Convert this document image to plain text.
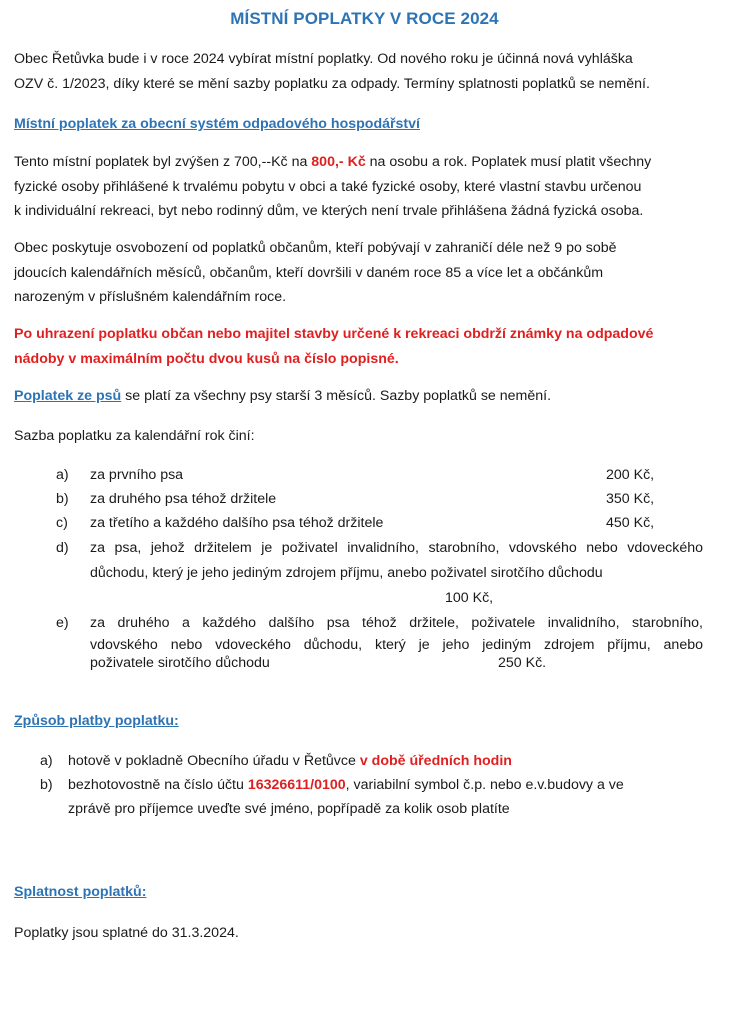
MÍSTNÍ POPLATKY V ROCE 2024

Obec Řetůvka bude i v roce 2024 vybírat místní poplatky. Od nového roku je účinná nová vyhláška
OZV č. 1/2023, díky které se mění sazby poplatku za odpady. Termíny splatnosti poplatků se nemění.

Místní poplatek za obecní systém odpadového hospodářství

Tento místní poplatek byl zvýšen z 700,--Kč na 800,- Kč na osobu a rok. Poplatek musí platit všechny
fyzické osoby přihlášené k trvalému pobytu v obci a také fyzické osoby, které vlastní stavbu určenou
k individuální rekreaci, byt nebo rodinný dům, ve kterých není trvale přihlášena žádná fyzická osoba.

Obec poskytuje osvobození od poplatků občanům, kteří pobývají v zahraničí déle než 9 po sobě
jdoucích kalendářních měsíců, občanům, kteří dovršili v daném roce 85 a více let a občánkům
narozeným v příslušném kalendářním roce.

Po uhrazení poplatku občan nebo majitel stavby určené k rekreaci obdrží známky na odpadové
nádoby v maximálním počtu dvou kusů na číslo popisné.

Poplatek ze psů se platí za všechny psy starší 3 měsíců. Sazby poplatků se nemění.

Sazba poplatku za kalendářní rok činí:

a) za prvního psa	200 Kč,
b) za druhého psa téhož držitele	350 Kč,
c) za třetího a každého dalšího psa téhož držitele	450 Kč,
d) za psa, jehož držitelem je poživatel invalidního, starobního, vdovského nebo vdoveckého
důchodu, který je jeho jediným zdrojem příjmu, anebo poživatel sirotčího důchodu
100 Kč,
e) za druhého a každého dalšího psa téhož držitele, poživatele invalidního, starobního,
vdovského nebo vdoveckého důchodu, který je jeho jediným zdrojem příjmu, anebo
poživatele sirotčího důchodu	250 Kč.
Způsob platby poplatku:
a) hotově v pokladně Obecního úřadu v Řetůvce v době úředních hodin
b) bezhotovostně na číslo účtu 16326611/0100, variabilní symbol č.p. nebo e.v.budovy a ve
zprávě pro příjemce uveďte své jméno, popřípadě za kolik osob platíte
Splatnost poplatků:

Poplatky jsou splatné do 31.3.2024.
